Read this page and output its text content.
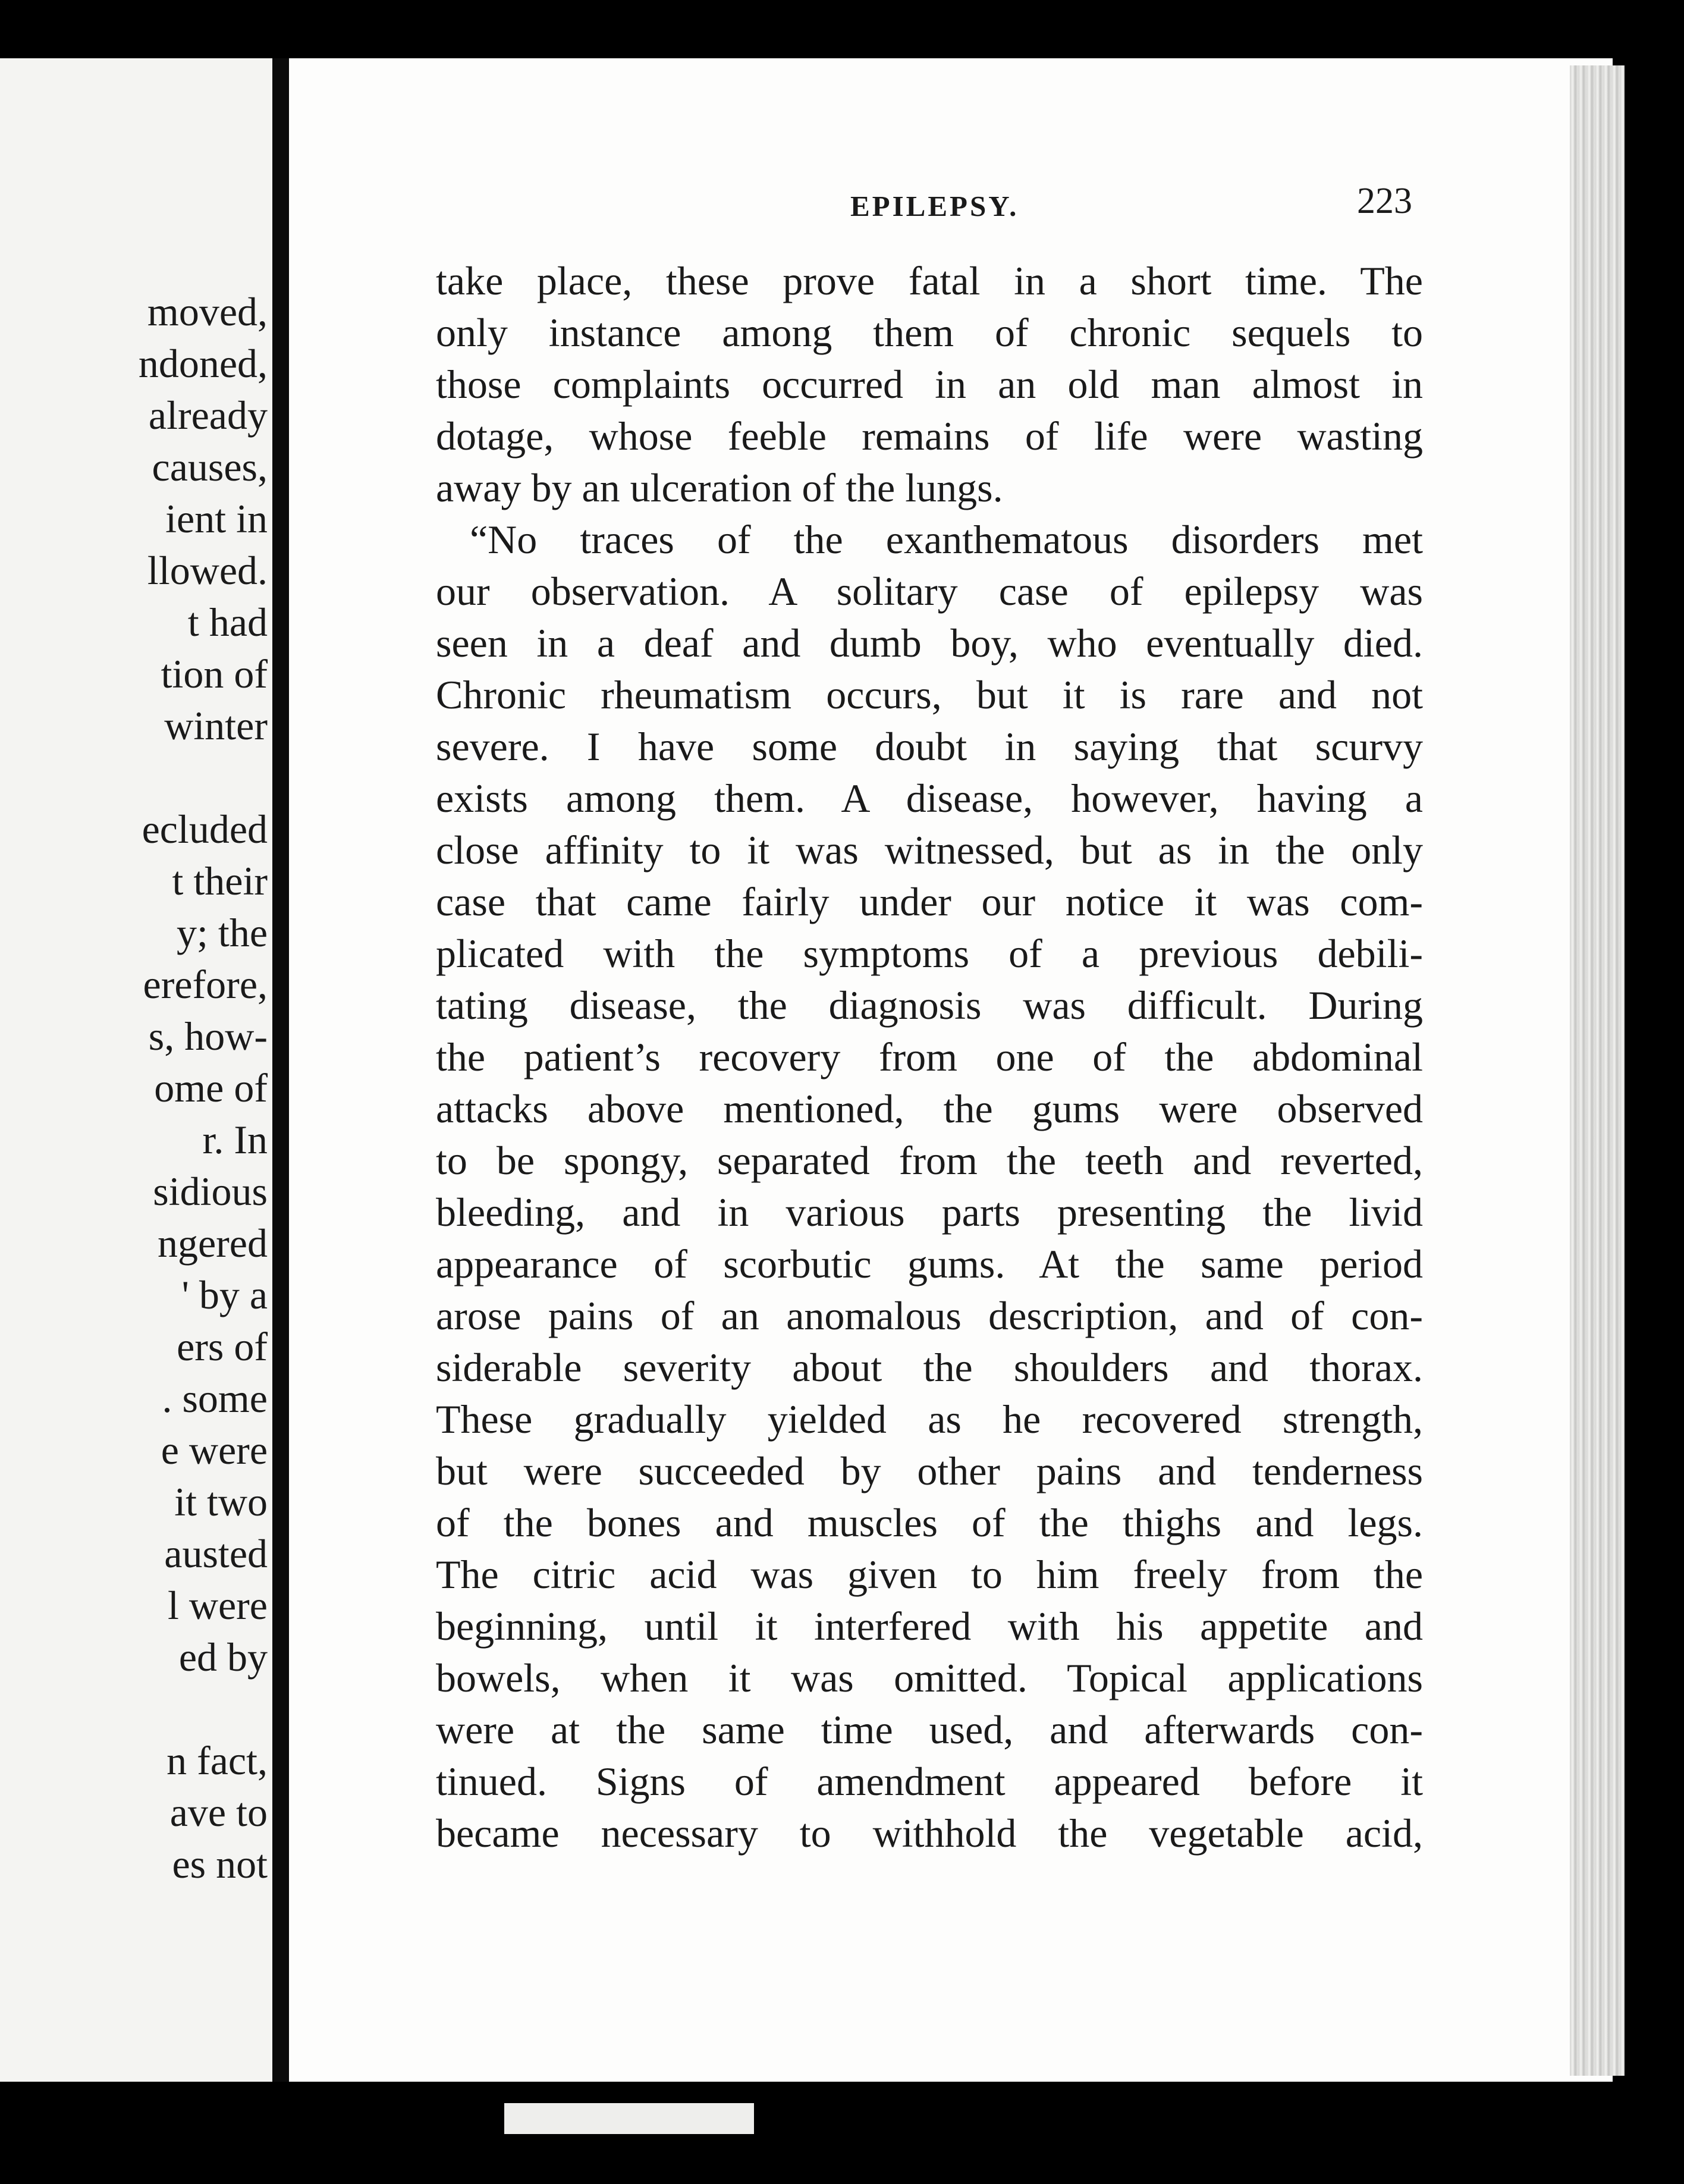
moved,
ndoned,
already
causes,
ient in
llowed.
t had
tion of
winter
ecluded
t their
y; the
erefore,
s, how-
ome of
r. In
sidious
ngered
' by a
ers of
. some
e were
it two
austed
l were
ed by
n fact,
ave to
es not
EPILEPSY.	223
take place, these prove fatal in a short time. The
only instance among them of chronic sequels to
those complaints occurred in an old man almost in
dotage, whose feeble remains of life were wasting
away by an ulceration of the lungs.
“No traces of the exanthematous disorders met
our observation. A solitary case of epilepsy was
seen in a deaf and dumb boy, who eventually died.
Chronic rheumatism occurs, but it is rare and not
severe. I have some doubt in saying that scurvy
exists among them. A disease, however, having a
close affinity to it was witnessed, but as in the only
case that came fairly under our notice it was com-
plicated with the symptoms of a previous debili-
tating disease, the diagnosis was difficult. During
the patient’s recovery from one of the abdominal
attacks above mentioned, the gums were observed
to be spongy, separated from the teeth and reverted,
bleeding, and in various parts presenting the livid
appearance of scorbutic gums. At the same period
arose pains of an anomalous description, and of con-
siderable severity about the shoulders and thorax.
These gradually yielded as he recovered strength,
but were succeeded by other pains and tenderness
of the bones and muscles of the thighs and legs.
The citric acid was given to him freely from the
beginning, until it interfered with his appetite and
bowels, when it was omitted. Topical applications
were at the same time used, and afterwards con-
tinued. Signs of amendment appeared before it
became necessary to withhold the vegetable acid,
